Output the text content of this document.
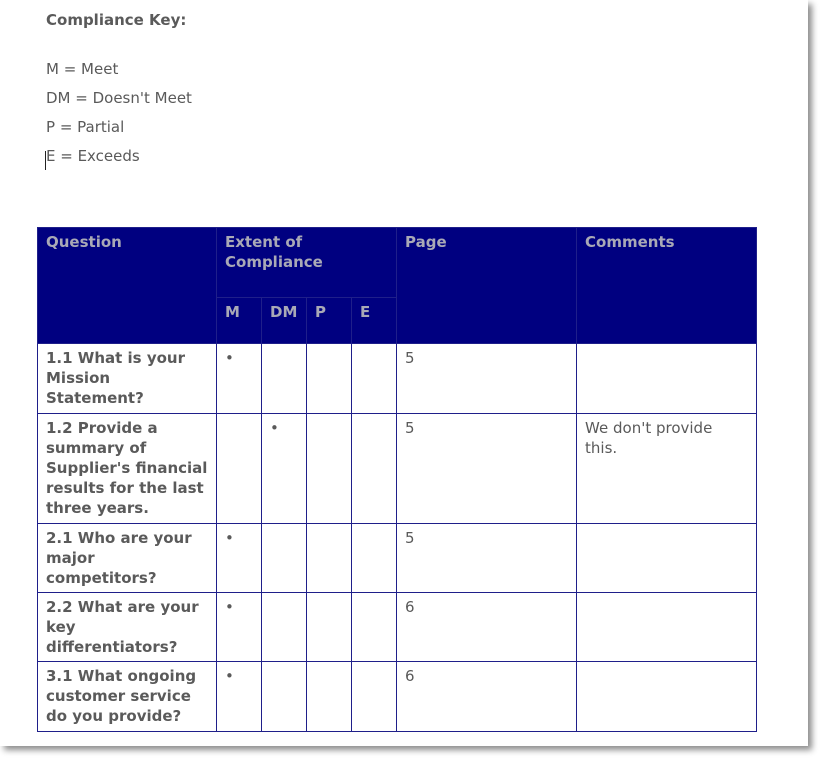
Compliance Key:
M = Meet
DM = Doesn't Meet
P = Partial
E = Exceeds
Question	Extent of Compliance				Page	Comments
	M	DM	P	E		
1.1 What is your Mission Statement?	•				5	
1.2 Provide a summary of Supplier's financial results for the last three years.		•			5	We don't provide this.
2.1 Who are your major competitors?	•				5	
2.2 What are your key differentiators?	•				6	
3.1 What ongoing customer service do you provide?	•				6	
